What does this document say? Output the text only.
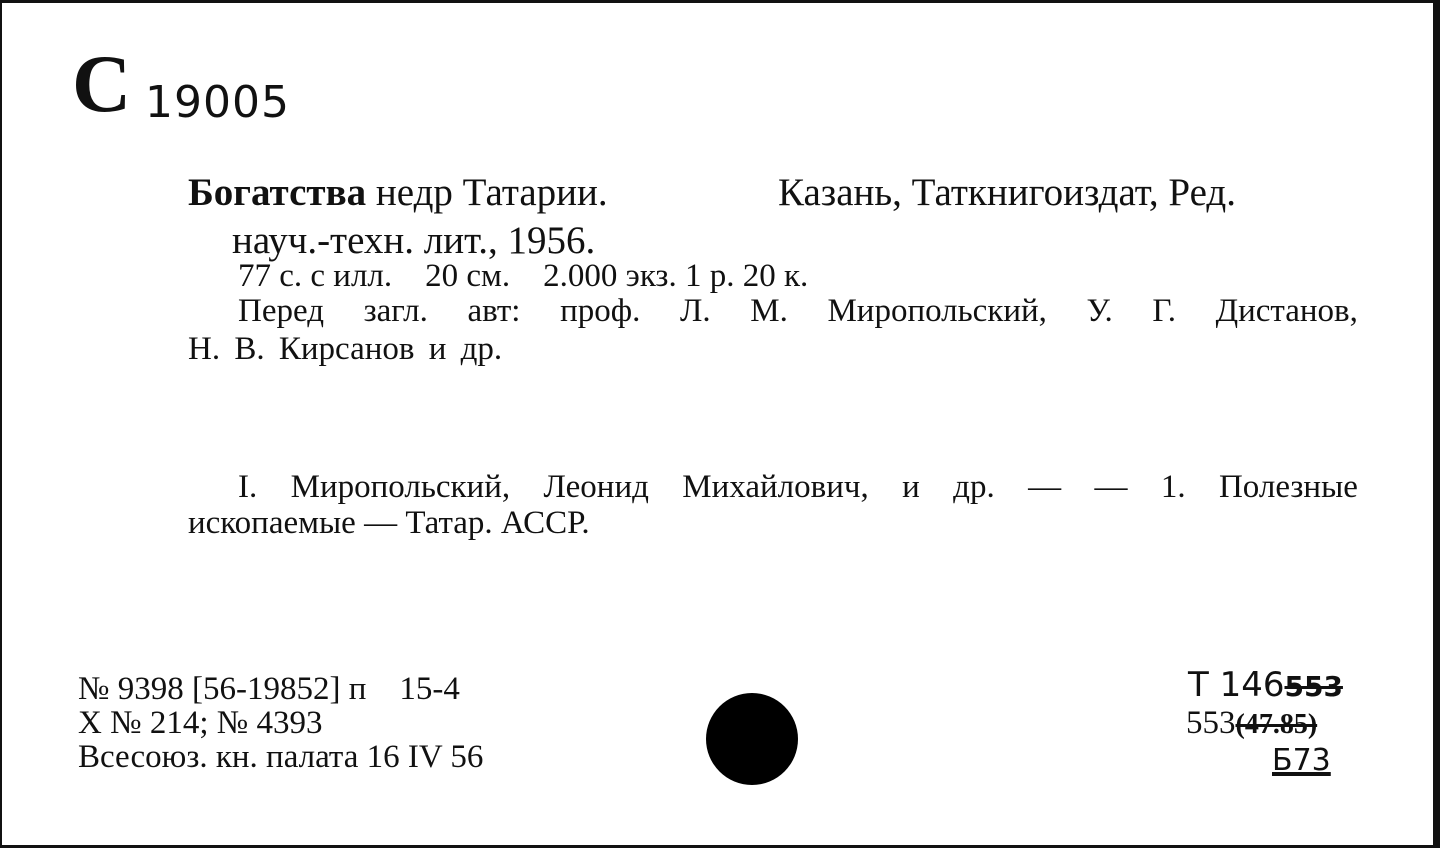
С 19005
Богатства недр Татарии.	Казань, Таткнигоиздат, Ред.
науч.-техн. лит., 1956.
77 с. с илл.    20 см.    2.000 экз. 1 р. 20 к.
Перед загл. авт: проф. Л. М. Миропольский, У. Г. Дистанов,
Н. В. Кирсанов и др.
I. Миропольский, Леонид Михайлович, и др. — — 1. Полезные
ископаемые — Татар. АССР.
№ 9398 [56-19852] п    15-4
Х № 214; № 4393
Всесоюз. кн. палата 16 IV 56
Т 146553
553(47.85)
Б73
